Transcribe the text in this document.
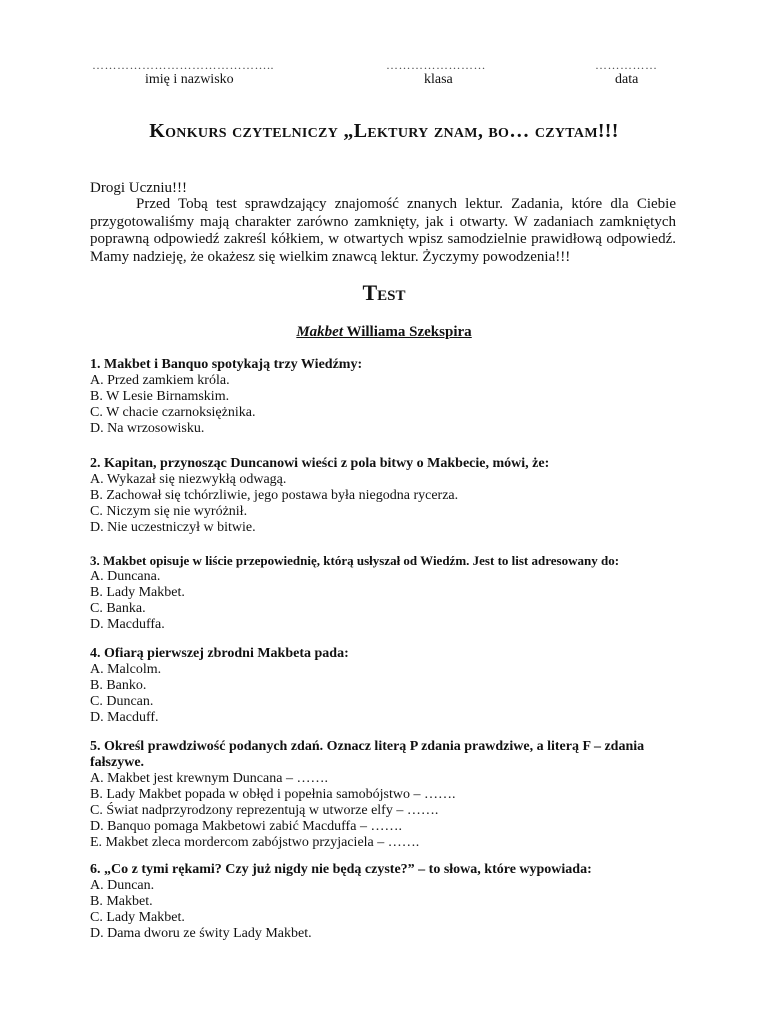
……………………………………..
imię i nazwisko
……………………
klasa
……………
data
Konkurs czytelniczy „Lektury znam, bo… czytam!!!
Drogi Uczniu!!!
Przed Tobą test sprawdzający znajomość znanych lektur. Zadania, które dla Ciebie przygotowaliśmy mają charakter zarówno zamknięty, jak i otwarty. W zadaniach zamkniętych poprawną odpowiedź zakreśl kółkiem, w otwartych wpisz samodzielnie prawidłową odpowiedź. Mamy nadzieję, że okażesz się wielkim znawcą lektur. Życzymy powodzenia!!!
Test
Makbet Williama Szekspira
1. Makbet i Banquo spotykają trzy Wiedźmy:
A. Przed zamkiem króla.
B. W Lesie Birnamskim.
C. W chacie czarnoksiężnika.
D. Na wrzosowisku.
2. Kapitan, przynosząc Duncanowi wieści z pola bitwy o Makbecie, mówi, że:
A. Wykazał się niezwykłą odwagą.
B. Zachował się tchórzliwie, jego postawa była niegodna rycerza.
C. Niczym się nie wyróżnił.
D. Nie uczestniczył w bitwie.
3. Makbet opisuje w liście przepowiednię, którą usłyszał od Wiedźm. Jest to list adresowany do:
A. Duncana.
B. Lady Makbet.
C. Banka.
D. Macduffa.
4. Ofiarą pierwszej zbrodni Makbeta pada:
A. Malcolm.
B. Banko.
C. Duncan.
D. Macduff.
5. Określ prawdziwość podanych zdań. Oznacz literą P zdania prawdziwe, a literą F – zdania fałszywe.
A. Makbet jest krewnym Duncana – …….
B. Lady Makbet popada w obłęd i popełnia samobójstwo – …….
C. Świat nadprzyrodzony reprezentują w utworze elfy – …….
D. Banquo pomaga Makbetowi zabić Macduffa – …….
E. Makbet zleca mordercom zabójstwo przyjaciela – …….
6. „Co z tymi rękami? Czy już nigdy nie będą czyste?” – to słowa, które wypowiada:
A. Duncan.
B. Makbet.
C. Lady Makbet.
D. Dama dworu ze świty Lady Makbet.
